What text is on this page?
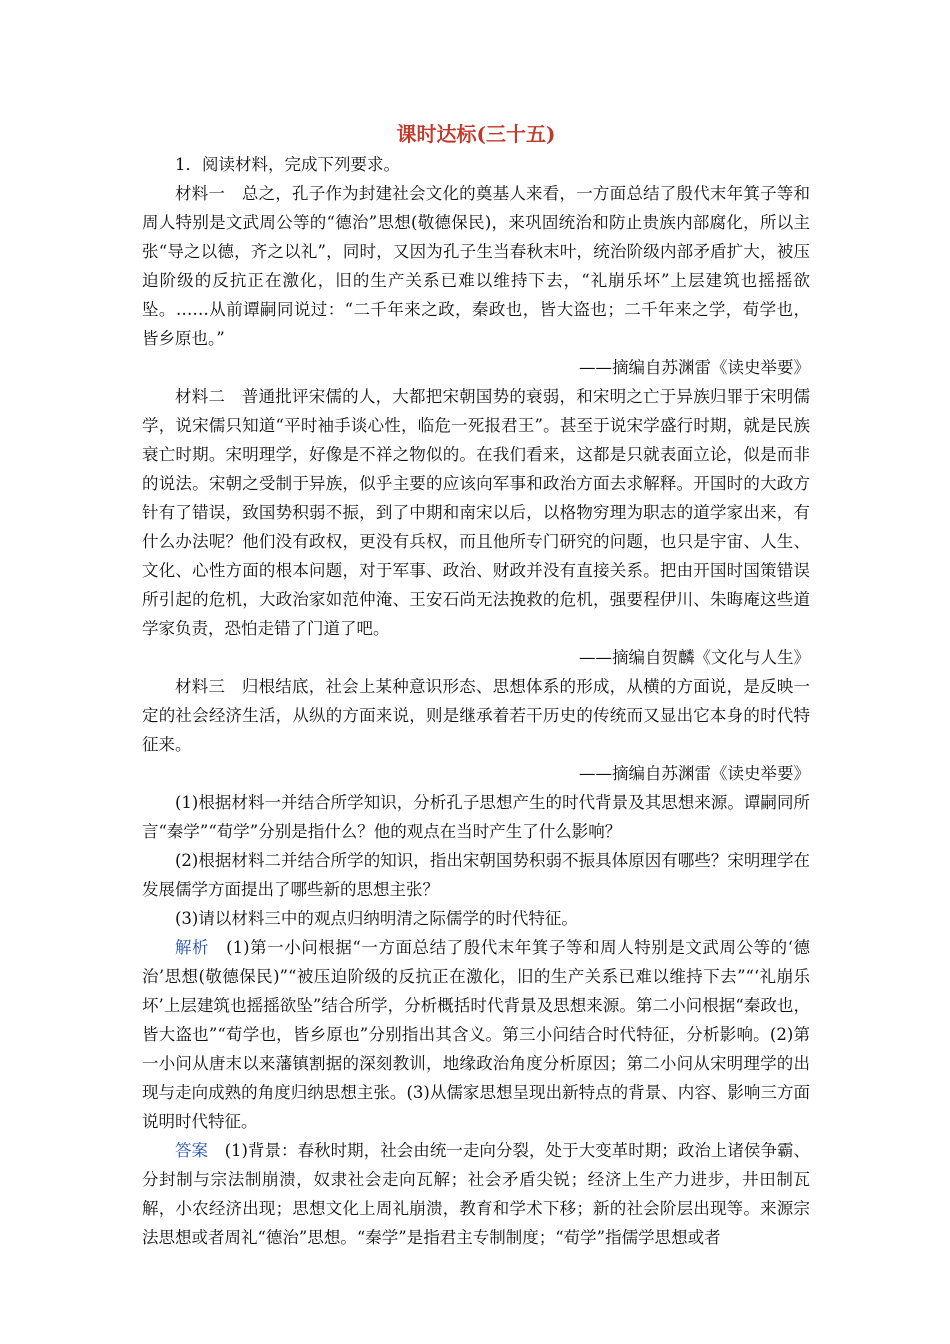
课时达标(三十五)

1．阅读材料，完成下列要求。

材料一　总之，孔子作为封建社会文化的奠基人来看，一方面总结了殷代末年箕子等和周人特别是文武周公等的“德治”思想(敬德保民)，来巩固统治和防止贵族内部腐化，所以主张“导之以德，齐之以礼”，同时，又因为孔子生当春秋末叶，统治阶级内部矛盾扩大，被压迫阶级的反抗正在激化，旧的生产关系已难以维持下去，“礼崩乐坏”上层建筑也摇摇欲坠。……从前谭嗣同说过：“二千年来之政，秦政也，皆大盗也；二千年来之学，荀学也，皆乡原也。”

——摘编自苏渊雷《读史举要》

材料二　普通批评宋儒的人，大都把宋朝国势的衰弱，和宋明之亡于异族归罪于宋明儒学，说宋儒只知道“平时袖手谈心性，临危一死报君王”。甚至于说宋学盛行时期，就是民族衰亡时期。宋明理学，好像是不祥之物似的。在我们看来，这都是只就表面立论，似是而非的说法。宋朝之受制于异族，似乎主要的应该向军事和政治方面去求解释。开国时的大政方针有了错误，致国势积弱不振，到了中期和南宋以后，以格物穷理为职志的道学家出来，有什么办法呢？他们没有政权，更没有兵权，而且他所专门研究的问题，也只是宇宙、人生、文化、心性方面的根本问题，对于军事、政治、财政并没有直接关系。把由开国时国策错误所引起的危机，大政治家如范仲淹、王安石尚无法挽救的危机，强要程伊川、朱晦庵这些道学家负责，恐怕走错了门道了吧。

——摘编自贺麟《文化与人生》

材料三　归根结底，社会上某种意识形态、思想体系的形成，从横的方面说，是反映一定的社会经济生活，从纵的方面来说，则是继承着若干历史的传统而又显出它本身的时代特征来。

——摘编自苏渊雷《读史举要》

(1)根据材料一并结合所学知识，分析孔子思想产生的时代背景及其思想来源。谭嗣同所言“秦学”“荀学”分别是指什么？他的观点在当时产生了什么影响？

(2)根据材料二并结合所学的知识，指出宋朝国势积弱不振具体原因有哪些？宋明理学在发展儒学方面提出了哪些新的思想主张？

(3)请以材料三中的观点归纳明清之际儒学的时代特征。

解析　(1)第一小问根据“一方面总结了殷代末年箕子等和周人特别是文武周公等的‘德治’思想(敬德保民)”“被压迫阶级的反抗正在激化，旧的生产关系已难以维持下去”“‘礼崩乐坏’上层建筑也摇摇欲坠”结合所学，分析概括时代背景及思想来源。第二小问根据“秦政也，皆大盗也”“荀学也，皆乡原也”分别指出其含义。第三小问结合时代特征，分析影响。(2)第一小问从唐末以来藩镇割据的深刻教训，地缘政治角度分析原因；第二小问从宋明理学的出现与走向成熟的角度归纳思想主张。(3)从儒家思想呈现出新特点的背景、内容、影响三方面说明时代特征。

答案　(1)背景：春秋时期，社会由统一走向分裂，处于大变革时期；政治上诸侯争霸、分封制与宗法制崩溃，奴隶社会走向瓦解；社会矛盾尖锐；经济上生产力进步，井田制瓦解，小农经济出现；思想文化上周礼崩溃，教育和学术下移；新的社会阶层出现等。来源宗法思想或者周礼“德治”思想。“秦学”是指君主专制制度；“荀学”指儒学思想或者
